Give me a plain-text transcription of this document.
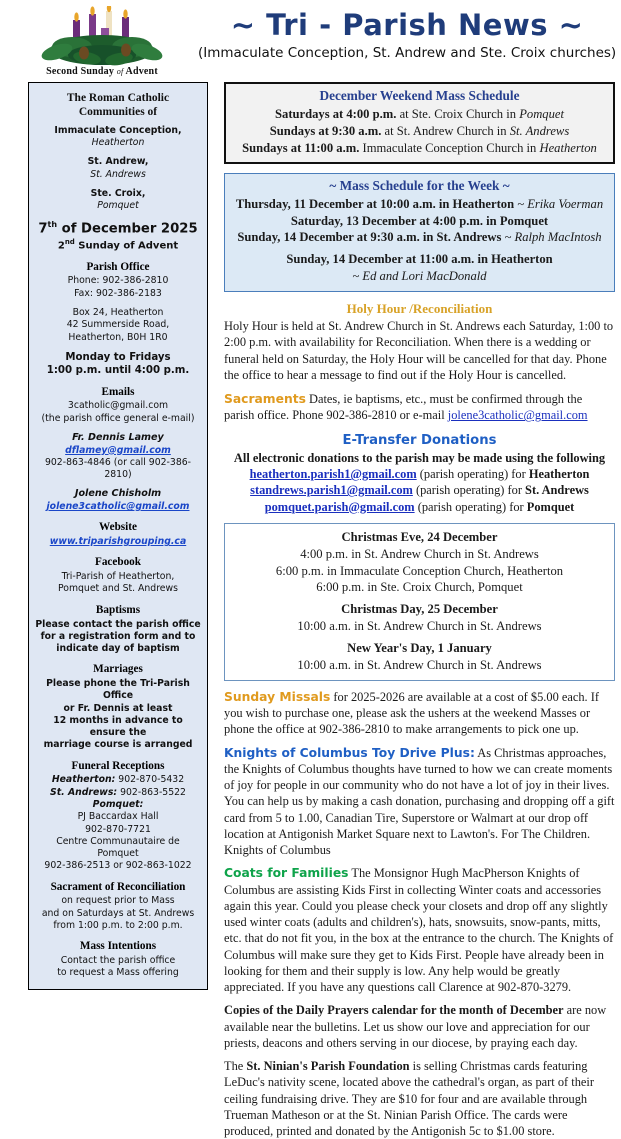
Second Sunday of Advent
~ Tri - Parish News ~
(Immaculate Conception, St. Andrew and Ste. Croix churches)
The Roman Catholic Communities of
Immaculate Conception,
Heatherton
St. Andrew,
St. Andrews
Ste. Croix,
Pomquet
7th of December 2025
2nd Sunday of Advent
Parish Office
Phone: 902-386-2810
Fax: 902-386-2183
Box 24, Heatherton
42 Summerside Road,
Heatherton, B0H 1R0
Monday to Fridays
1:00 p.m. until 4:00 p.m.
Emails
3catholic@gmail.com
(the parish office general e-mail)
Fr. Dennis Lamey
dflamey@gmail.com
902-863-4846 (or call 902-386-2810)
Jolene Chisholm
jolene3catholic@gmail.com
Website
www.triparishgrouping.ca
Facebook
Tri-Parish of Heatherton,
Pomquet and St. Andrews
Baptisms
Please contact the parish office
for a registration form and to
indicate day of baptism
Marriages
Please phone the Tri-Parish Office
or Fr. Dennis at least
12 months in advance to ensure the
marriage course is arranged
Funeral Receptions
Heatherton: 902-870-5432
St. Andrews: 902-863-5522
Pomquet:
PJ Baccardax Hall
902-870-7721
Centre Communautaire de Pomquet
902-386-2513 or 902-863-1022
Sacrament of Reconciliation
on request prior to Mass
and on Saturdays at St. Andrews
from 1:00 p.m. to 2:00 p.m.
Mass Intentions
Contact the parish office
to request a Mass offering
December Weekend Mass Schedule
Saturdays at 4:00 p.m. at Ste. Croix Church in Pomquet
Sundays at 9:30 a.m. at St. Andrew Church in St. Andrews
Sundays at 11:00 a.m. Immaculate Conception Church in Heatherton
~ Mass Schedule for the Week ~
Thursday, 11 December at 10:00 a.m. in Heatherton ~ Erika Voerman
Saturday, 13 December at 4:00 p.m. in Pomquet
Sunday, 14 December at 9:30 a.m. in St. Andrews ~ Ralph MacIntosh
Sunday, 14 December at 11:00 a.m. in Heatherton
~ Ed and Lori MacDonald
Holy Hour /Reconciliation
Holy Hour is held at St. Andrew Church in St. Andrews each Saturday, 1:00 to 2:00 p.m. with availability for Reconciliation. When there is a wedding or funeral held on Saturday, the Holy Hour will be cancelled for that day. Phone the office to hear a message to find out if the Holy Hour is cancelled.
Sacraments Dates, ie baptisms, etc., must be confirmed through the parish office. Phone 902-386-2810 or e-mail jolene3catholic@gmail.com
E-Transfer Donations
All electronic donations to the parish may be made using the following
heatherton.parish1@gmail.com (parish operating) for Heatherton
standrews.parish1@gmail.com (parish operating) for St. Andrews
pomquet.parish@gmail.com (parish operating) for Pomquet
Christmas Eve, 24 December
4:00 p.m. in St. Andrew Church in St. Andrews
6:00 p.m. in Immaculate Conception Church, Heatherton
6:00 p.m. in Ste. Croix Church, Pomquet
Christmas Day, 25 December
10:00 a.m. in St. Andrew Church in St. Andrews
New Year's Day, 1 January
10:00 a.m. in St. Andrew Church in St. Andrews
Sunday Missals for 2025-2026 are available at a cost of $5.00 each. If you wish to purchase one, please ask the ushers at the weekend Masses or phone the office at 902-386-2810 to make arrangements to pick one up.
Knights of Columbus Toy Drive Plus: As Christmas approaches, the Knights of Columbus thoughts have turned to how we can create moments of joy for people in our community who do not have a lot of joy in their lives. You can help us by making a cash donation, purchasing and dropping off a gift card from 5 to 1.00, Canadian Tire, Superstore or Walmart at our drop off location at Antigonish Market Square next to Lawton's. For The Children. Knights of Columbus
Coats for Families The Monsignor Hugh MacPherson Knights of Columbus are assisting Kids First in collecting Winter coats and accessories again this year. Could you please check your closets and drop off any slightly used winter coats (adults and children's), hats, snowsuits, snow-pants, mitts, etc. that do not fit you, in the box at the entrance to the church. The Knights of Columbus will make sure they get to Kids First. People have already been in looking for them and their supply is low. Any help would be greatly appreciated. If you have any questions call Clarence at 902-870-3279.
Copies of the Daily Prayers calendar for the month of December are now available near the bulletins. Let us show our love and appreciation for our priests, deacons and others serving in our diocese, by praying each day.
The St. Ninian's Parish Foundation is selling Christmas cards featuring LeDuc's nativity scene, located above the cathedral's organ, as part of their ceiling fundraising drive. They are $10 for four and are available through Trueman Matheson or at the St. Ninian Parish Office. The cards were produced, printed and donated by the Antigonish 5c to $1.00 store.
